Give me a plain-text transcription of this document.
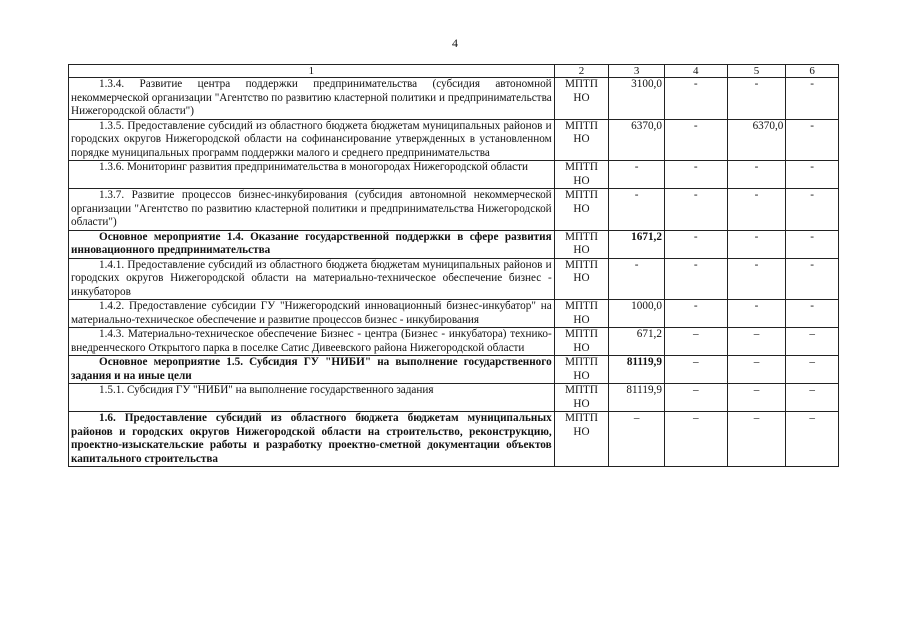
4
1	2	3	4	5	6
1.3.4. Развитие центра поддержки предпринимательства (субсидия автономной некоммерческой организации "Агентство по развитию кластерной политики и предпринимательства Нижегородской области")	МПТП НО	3100,0	-	-	-
1.3.5. Предоставление субсидий из областного бюджета бюджетам муниципальных районов и городских округов Нижегородской области на софинансирование утвержденных в установленном порядке муниципальных программ поддержки малого и среднего предпринимательства	МПТП НО	6370,0	-	6370,0	-
1.3.6. Мониторинг развития предпринимательства в моногородах Нижегородской области	МПТП НО	-	-	-	-
1.3.7. Развитие процессов бизнес-инкубирования (субсидия автономной некоммерческой организации "Агентство по развитию кластерной политики и предпринимательства Нижегородской области")	МПТП НО	-	-	-	-
Основное мероприятие 1.4. Оказание государственной поддержки в сфере развития инновационного предпринимательства	МПТП НО	1671,2	-	-	-
1.4.1. Предоставление субсидий из областного бюджета бюджетам муниципальных районов и городских округов Нижегородской области на материально-техническое обеспечение бизнес - инкубаторов	МПТП НО	-	-	-	-
1.4.2. Предоставление субсидии ГУ "Нижегородский инновационный бизнес-инкубатор" на материально-техническое обеспечение и развитие процессов бизнес - инкубирования	МПТП НО	1000,0	-	-	-
1.4.3. Материально-техническое обеспечение Бизнес - центра (Бизнес - инкубатора) технико-внедренческого Открытого парка в поселке Сатис Дивеевского района Нижегородской области	МПТП НО	671,2	–	–	–
Основное мероприятие 1.5. Субсидия ГУ "НИБИ" на выполнение государственного задания и на иные цели	МПТП НО	81119,9	–	–	–
1.5.1. Субсидия ГУ "НИБИ" на выполнение государственного задания	МПТП НО	81119,9	–	–	–
1.6. Предоставление субсидий из областного бюджета бюджетам муниципальных районов и городских округов Нижегородской области на строительство, реконструкцию, проектно-изыскательские работы и разработку проектно-сметной документации объектов капитального строительства	МПТП НО	–	–	–	–
